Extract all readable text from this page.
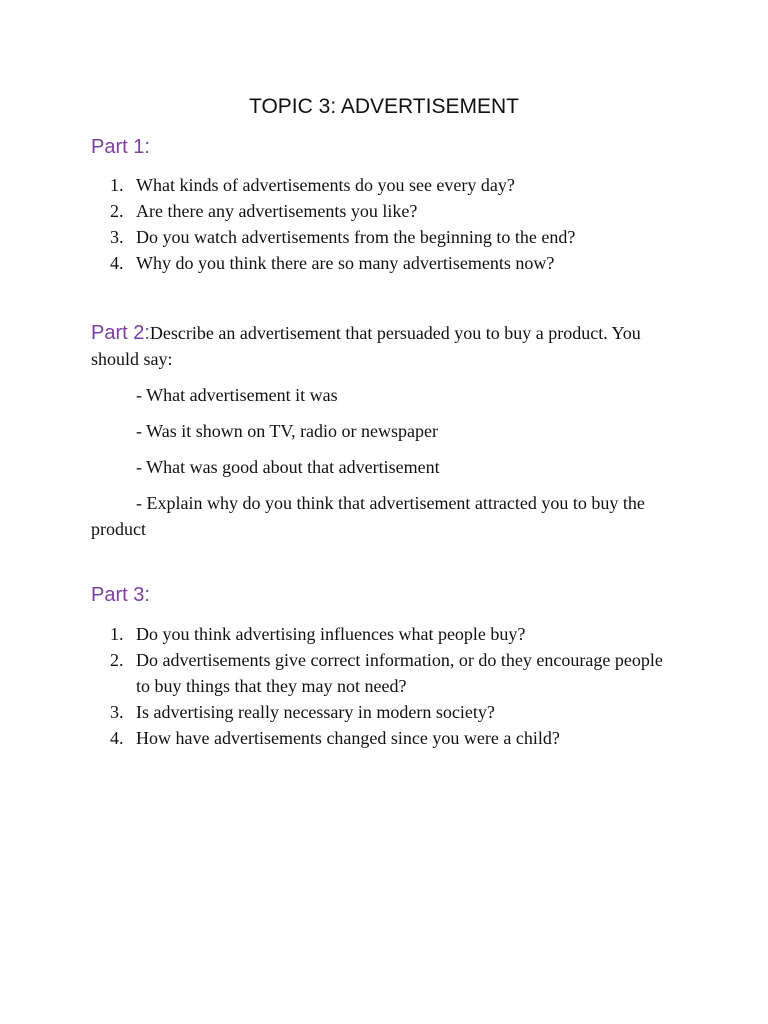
TOPIC 3: ADVERTISEMENT
Part 1:
1. What kinds of advertisements do you see every day?
2. Are there any advertisements you like?
3. Do you watch advertisements from the beginning to the end?
4. Why do you think there are so many advertisements now?
Part 2:Describe an advertisement that persuaded you to buy a product. You should say:
- What advertisement it was
- Was it shown on TV, radio or newspaper
- What was good about that advertisement
- Explain why do you think that advertisement attracted you to buy the product
Part 3:
1. Do you think advertising influences what people buy?
2. Do advertisements give correct information, or do they encourage people to buy things that they may not need?
3. Is advertising really necessary in modern society?
4. How have advertisements changed since you were a child?
